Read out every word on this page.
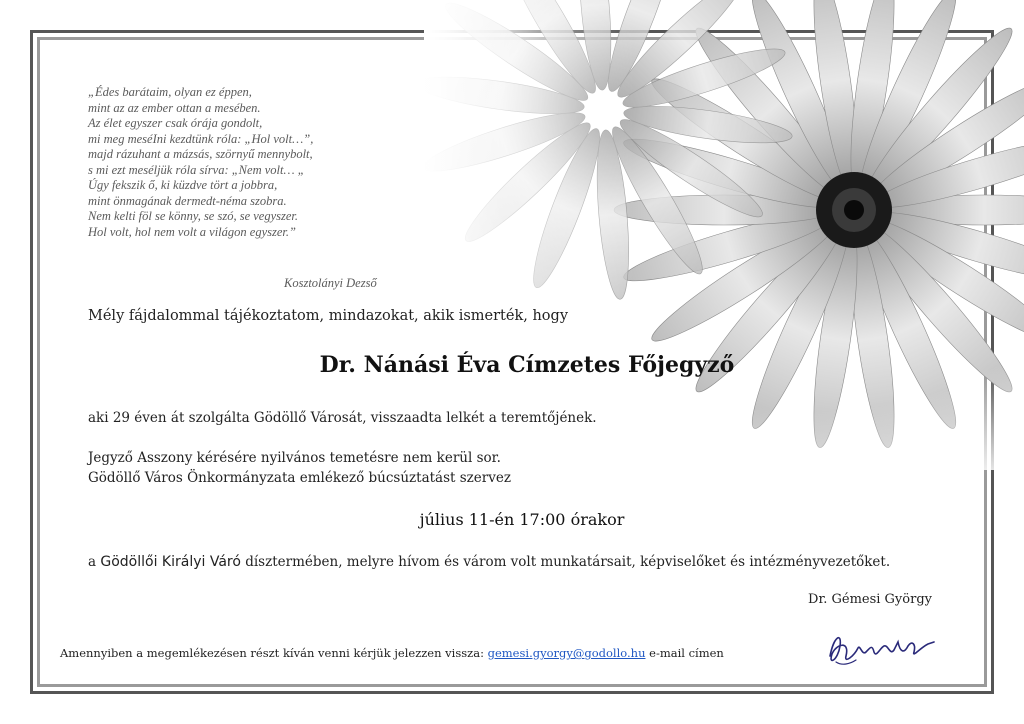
„Édes barátaim, olyan ez éppen,
mint az az ember ottan a mesében.
Az élet egyszer csak órája gondolt,
mi meg meséIni kezdtünk róla: „Hol volt…”,
majd rázuhant a mázsás, szörnyű mennybolt,
s mi ezt meséljük róla sírva: „Nem volt… „
Úgy fekszik ő, ki küzdve tört a jobbra,
mint önmagának dermedt-néma szobra.
Nem kelti föl se könny, se szó, se vegyszer.
Hol volt, hol nem volt a világon egyszer.”
Kosztolányi Dezső
Mély fájdalommal tájékoztatom, mindazokat, akik ismerték, hogy
Dr. Nánási Éva Címzetes Főjegyző
aki 29 éven át szolgálta Gödöllő Városát, visszaadta lelkét a teremtőjének.
Jegyző Asszony kérésére nyilvános temetésre nem kerül sor.
Gödöllő Város Önkormányzata emlékező búcsúztatást szervez
július 11-én 17:00 órakor
a Gödöllői Királyi Váró dísztermében, melyre hívom és várom volt munkatársait, képviselőket és intézményvezetőket.
Dr. Gémesi György
Amennyiben a megemlékezésen részt kíván venni kérjük jelezzen vissza: gemesi.gyorgy@godollo.hu e-mail címen
